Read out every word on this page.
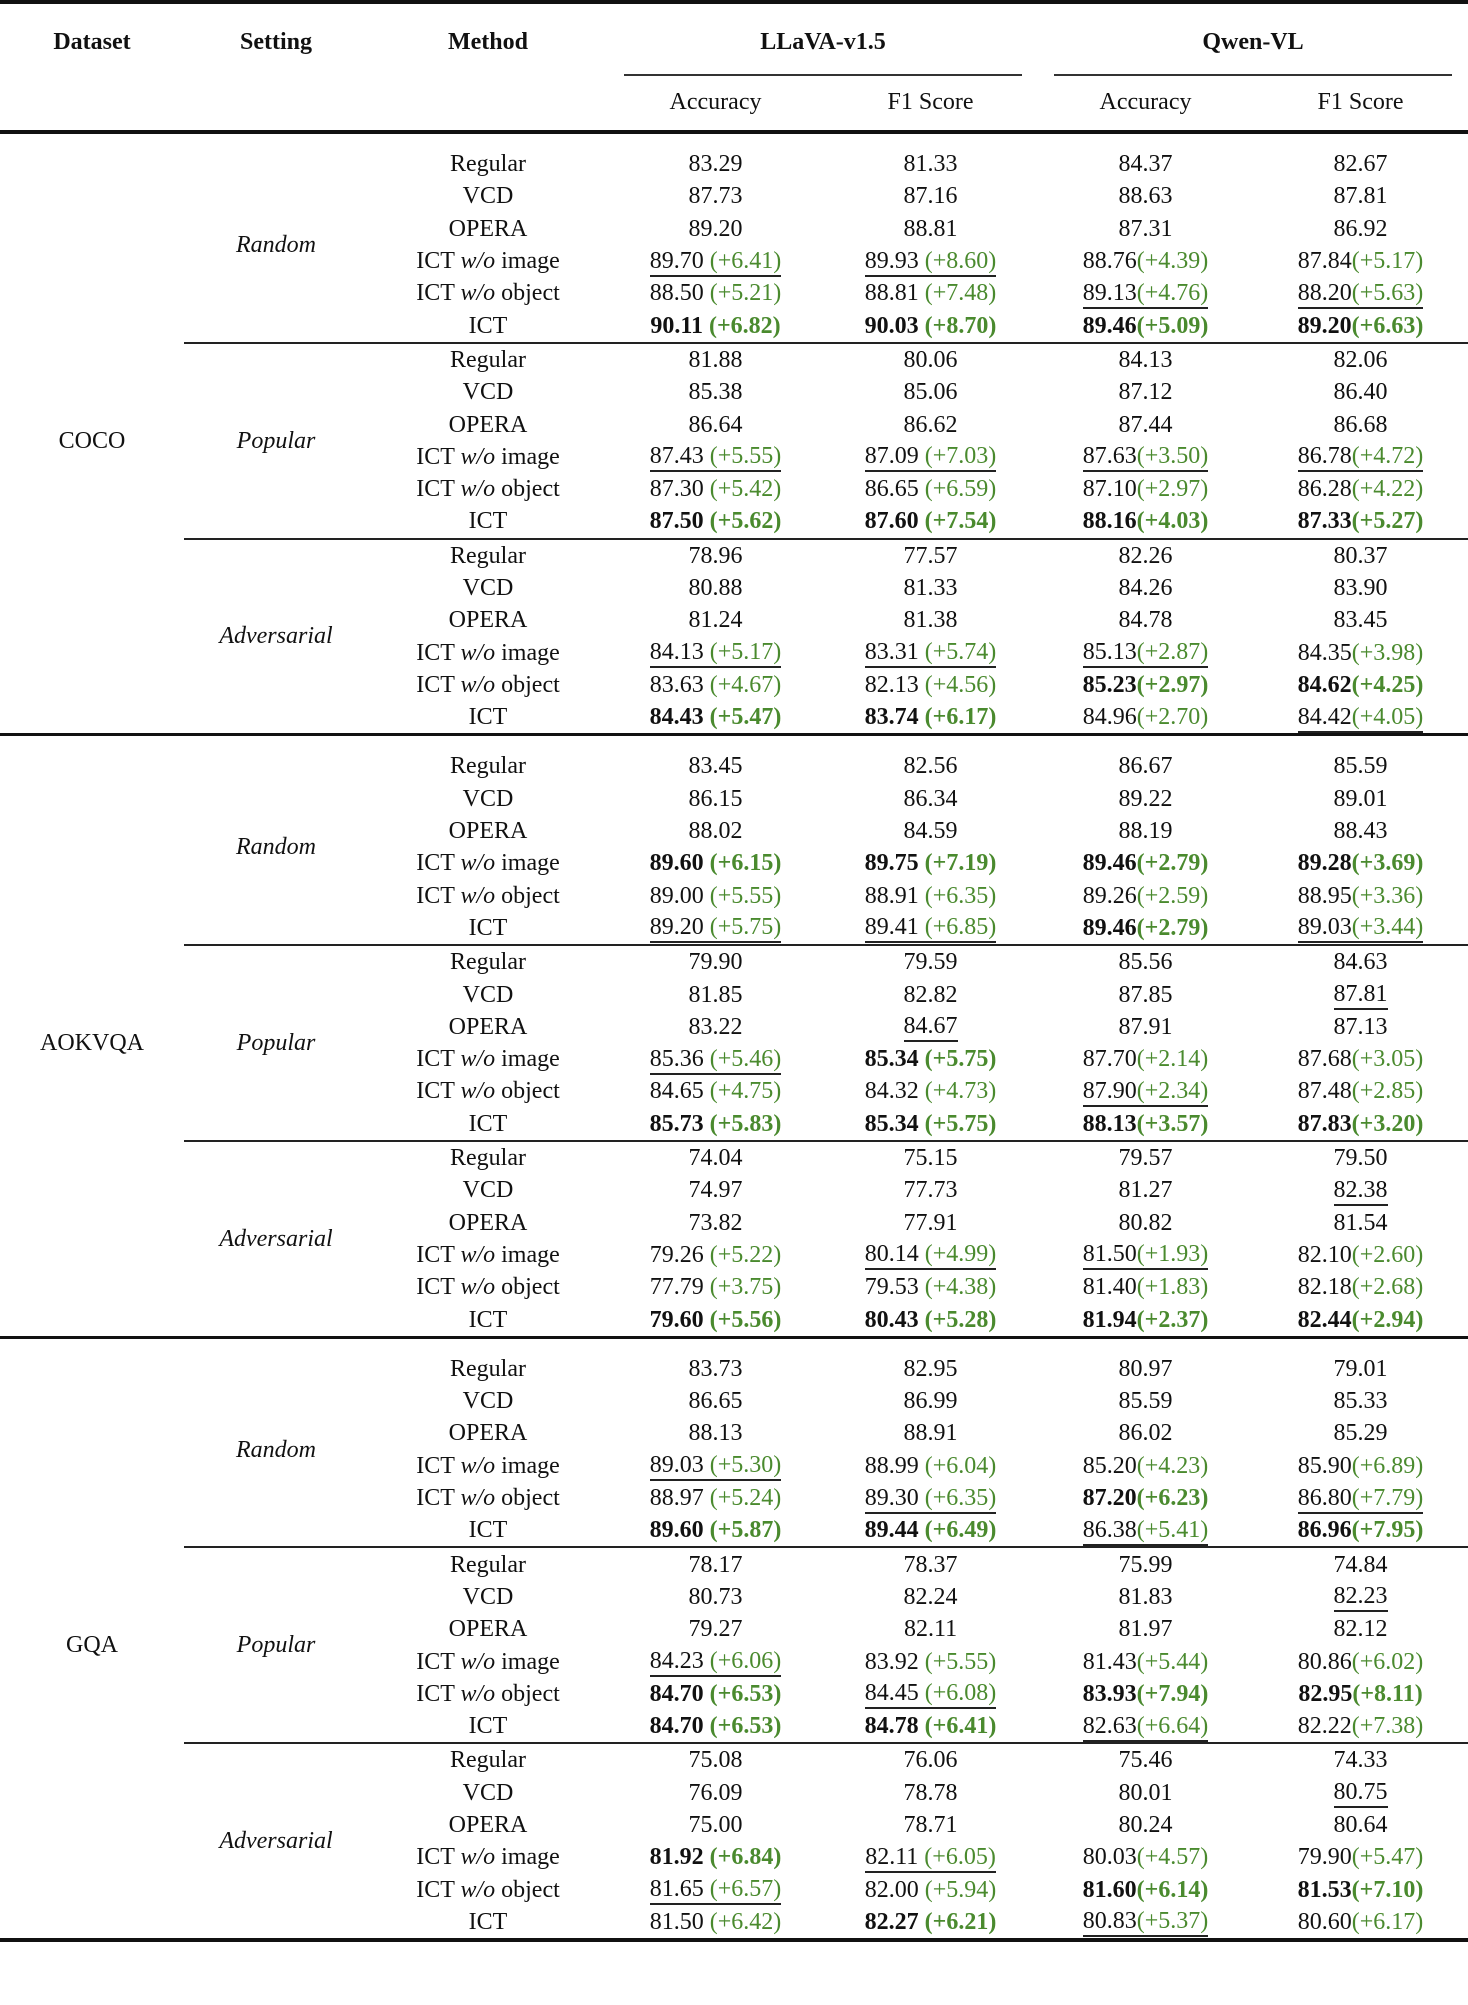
Dataset	Setting	Method	LLaVA-v1.5		Qwen-VL	

			Accuracy	F1 Score	Accuracy	F1 Score

COCO	Random	Regular	83.29	81.33	84.37	82.67
		VCD	87.73	87.16	88.63	87.81
		OPERA	89.20	88.81	87.31	86.92
		ICT w/o image	89.70 (+6.41)	89.93 (+8.60)	88.76(+4.39)	87.84(+5.17)
		ICT w/o object	88.50 (+5.21)	88.81 (+7.48)	89.13(+4.76)	88.20(+5.63)
		ICT	90.11 (+6.82)	90.03 (+8.70)	89.46(+5.09)	89.20(+6.63)
	Popular	Regular	81.88	80.06	84.13	82.06
		VCD	85.38	85.06	87.12	86.40
		OPERA	86.64	86.62	87.44	86.68
		ICT w/o image	87.43 (+5.55)	87.09 (+7.03)	87.63(+3.50)	86.78(+4.72)
		ICT w/o object	87.30 (+5.42)	86.65 (+6.59)	87.10(+2.97)	86.28(+4.22)
		ICT	87.50 (+5.62)	87.60 (+7.54)	88.16(+4.03)	87.33(+5.27)
	Adversarial	Regular	78.96	77.57	82.26	80.37
		VCD	80.88	81.33	84.26	83.90
		OPERA	81.24	81.38	84.78	83.45
		ICT w/o image	84.13 (+5.17)	83.31 (+5.74)	85.13(+2.87)	84.35(+3.98)
		ICT w/o object	83.63 (+4.67)	82.13 (+4.56)	85.23(+2.97)	84.62(+4.25)
		ICT	84.43 (+5.47)	83.74 (+6.17)	84.96(+2.70)	84.42(+4.05)

AOKVQA	Random	Regular	83.45	82.56	86.67	85.59
		VCD	86.15	86.34	89.22	89.01
		OPERA	88.02	84.59	88.19	88.43
		ICT w/o image	89.60 (+6.15)	89.75 (+7.19)	89.46(+2.79)	89.28(+3.69)
		ICT w/o object	89.00 (+5.55)	88.91 (+6.35)	89.26(+2.59)	88.95(+3.36)
		ICT	89.20 (+5.75)	89.41 (+6.85)	89.46(+2.79)	89.03(+3.44)
	Popular	Regular	79.90	79.59	85.56	84.63
		VCD	81.85	82.82	87.85	87.81
		OPERA	83.22	84.67	87.91	87.13
		ICT w/o image	85.36 (+5.46)	85.34 (+5.75)	87.70(+2.14)	87.68(+3.05)
		ICT w/o object	84.65 (+4.75)	84.32 (+4.73)	87.90(+2.34)	87.48(+2.85)
		ICT	85.73 (+5.83)	85.34 (+5.75)	88.13(+3.57)	87.83(+3.20)
	Adversarial	Regular	74.04	75.15	79.57	79.50
		VCD	74.97	77.73	81.27	82.38
		OPERA	73.82	77.91	80.82	81.54
		ICT w/o image	79.26 (+5.22)	80.14 (+4.99)	81.50(+1.93)	82.10(+2.60)
		ICT w/o object	77.79 (+3.75)	79.53 (+4.38)	81.40(+1.83)	82.18(+2.68)
		ICT	79.60 (+5.56)	80.43 (+5.28)	81.94(+2.37)	82.44(+2.94)

GQA	Random	Regular	83.73	82.95	80.97	79.01
		VCD	86.65	86.99	85.59	85.33
		OPERA	88.13	88.91	86.02	85.29
		ICT w/o image	89.03 (+5.30)	88.99 (+6.04)	85.20(+4.23)	85.90(+6.89)
		ICT w/o object	88.97 (+5.24)	89.30 (+6.35)	87.20(+6.23)	86.80(+7.79)
		ICT	89.60 (+5.87)	89.44 (+6.49)	86.38(+5.41)	86.96(+7.95)
	Popular	Regular	78.17	78.37	75.99	74.84
		VCD	80.73	82.24	81.83	82.23
		OPERA	79.27	82.11	81.97	82.12
		ICT w/o image	84.23 (+6.06)	83.92 (+5.55)	81.43(+5.44)	80.86(+6.02)
		ICT w/o object	84.70 (+6.53)	84.45 (+6.08)	83.93(+7.94)	82.95(+8.11)
		ICT	84.70 (+6.53)	84.78 (+6.41)	82.63(+6.64)	82.22(+7.38)
	Adversarial	Regular	75.08	76.06	75.46	74.33
		VCD	76.09	78.78	80.01	80.75
		OPERA	75.00	78.71	80.24	80.64
		ICT w/o image	81.92 (+6.84)	82.11 (+6.05)	80.03(+4.57)	79.90(+5.47)
		ICT w/o object	81.65 (+6.57)	82.00 (+5.94)	81.60(+6.14)	81.53(+7.10)
		ICT	81.50 (+6.42)	82.27 (+6.21)	80.83(+5.37)	80.60(+6.17)
